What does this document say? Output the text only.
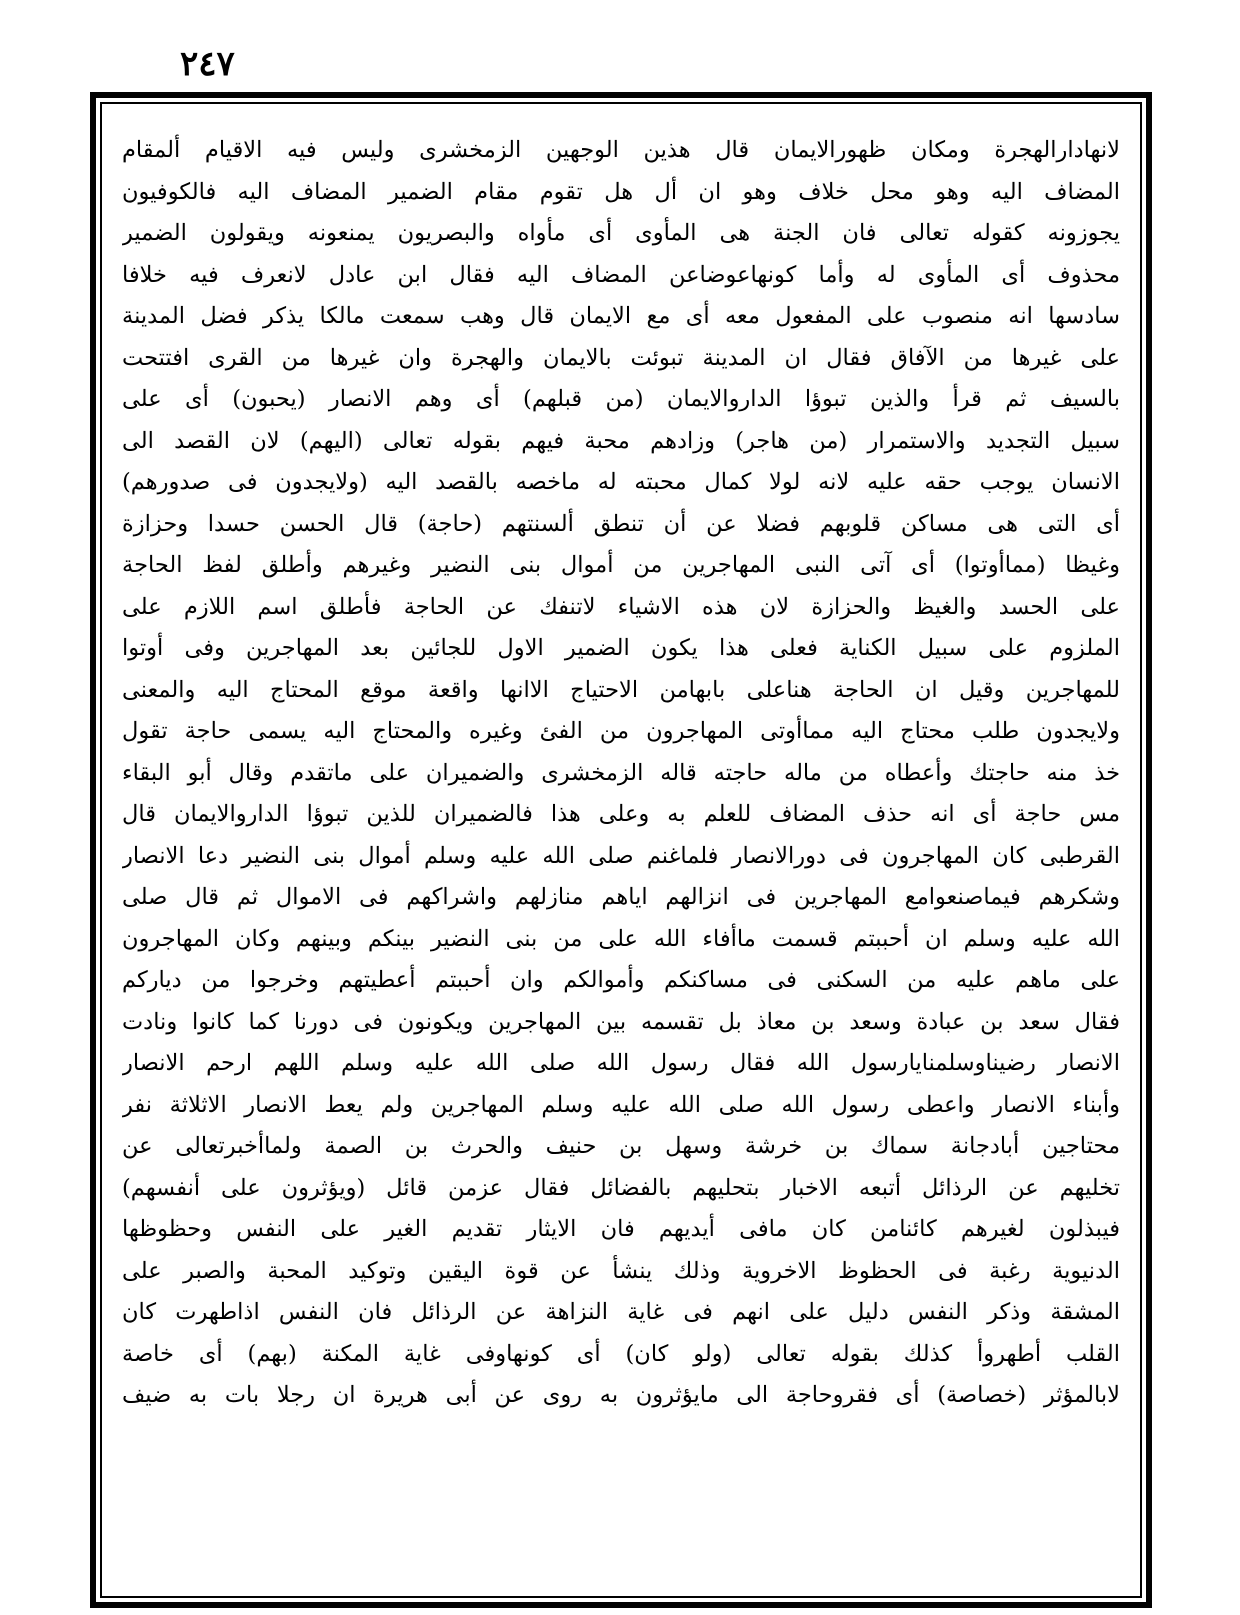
٢٤٧
لانهادارالهجرة ومكان ظهورالايمان قال هذين الوجهين الزمخشرى وليس فيه الاقيام ألمقام
المضاف اليه وهو محل خلاف وهو ان أل هل تقوم مقام الضمير المضاف اليه فالكوفيون
يجوزونه كقوله تعالى فان الجنة هى المأوى أى مأواه والبصريون يمنعونه ويقولون الضمير
محذوف أى المأوى له وأما كونهاعوضاعن المضاف اليه فقال ابن عادل لانعرف فيه خلافا
سادسها انه منصوب على المفعول معه أى مع الايمان قال وهب سمعت مالكا يذكر فضل المدينة
على غيرها من الآفاق فقال ان المدينة تبوئت بالايمان والهجرة وان غيرها من القرى افتتحت
بالسيف ثم قرأ والذين تبوؤا الداروالايمان (من قبلهم) أى وهم الانصار (يحبون) أى على
سبيل التجديد والاستمرار (من هاجر) وزادهم محبة فيهم بقوله تعالى (اليهم) لان القصد الى
الانسان يوجب حقه عليه لانه لولا كمال محبته له ماخصه بالقصد اليه (ولايجدون فى صدورهم)
أى التى هى مساكن قلوبهم فضلا عن أن تنطق ألسنتهم (حاجة) قال الحسن حسدا وحزازة
وغيظا (مماأوتوا) أى آتى النبى المهاجرين من أموال بنى النضير وغيرهم وأطلق لفظ الحاجة
على الحسد والغيظ والحزازة لان هذه الاشياء لاتنفك عن الحاجة فأطلق اسم اللازم على
الملزوم على سبيل الكناية فعلى هذا يكون الضمير الاول للجائين بعد المهاجرين وفى أوتوا
للمهاجرين وقيل ان الحاجة هناعلى بابهامن الاحتياج الاانها واقعة موقع المحتاج اليه والمعنى
ولايجدون طلب محتاج اليه مماأوتى المهاجرون من الفئ وغيره والمحتاج اليه يسمى حاجة تقول
خذ منه حاجتك وأعطاه من ماله حاجته قاله الزمخشرى والضميران على ماتقدم وقال أبو البقاء
مس حاجة أى انه حذف المضاف للعلم به وعلى هذا فالضميران للذين تبوؤا الداروالايمان قال
القرطبى كان المهاجرون فى دورالانصار فلماغنم صلى الله عليه وسلم أموال بنى النضير دعا الانصار
وشكرهم فيماصنعوامع المهاجرين فى انزالهم اياهم منازلهم واشراكهم فى الاموال ثم قال صلى
الله عليه وسلم ان أحببتم قسمت ماأفاء الله على من بنى النضير بينكم وبينهم وكان المهاجرون
على ماهم عليه من السكنى فى مساكنكم وأموالكم وان أحببتم أعطيتهم وخرجوا من دياركم
فقال سعد بن عبادة وسعد بن معاذ بل تقسمه بين المهاجرين ويكونون فى دورنا كما كانوا ونادت
الانصار رضيناوسلمنايارسول الله فقال رسول الله صلى الله عليه وسلم اللهم ارحم الانصار
وأبناء الانصار واعطى رسول الله صلى الله عليه وسلم المهاجرين ولم يعط الانصار الاثلاثة نفر
محتاجين أبادجانة سماك بن خرشة وسهل بن حنيف والحرث بن الصمة ولماأخبرتعالى عن
تخليهم عن الرذائل أتبعه الاخبار بتحليهم بالفضائل فقال عزمن قائل (ويؤثرون على أنفسهم)
فيبذلون لغيرهم كائنامن كان مافى أيديهم فان الايثار تقديم الغير على النفس وحظوظها
الدنيوية رغبة فى الحظوظ الاخروية وذلك ينشأ عن قوة اليقين وتوكيد المحبة والصبر على
المشقة وذكر النفس دليل على انهم فى غاية النزاهة عن الرذائل فان النفس اذاطهرت كان
القلب أطهروأ كذلك بقوله تعالى (ولو كان) أى كونهاوفى غاية المكنة (بهم) أى خاصة
لابالمؤثر (خصاصة) أى فقروحاجة الى مايؤثرون به روى عن أبى هريرة ان رجلا بات به ضيف
